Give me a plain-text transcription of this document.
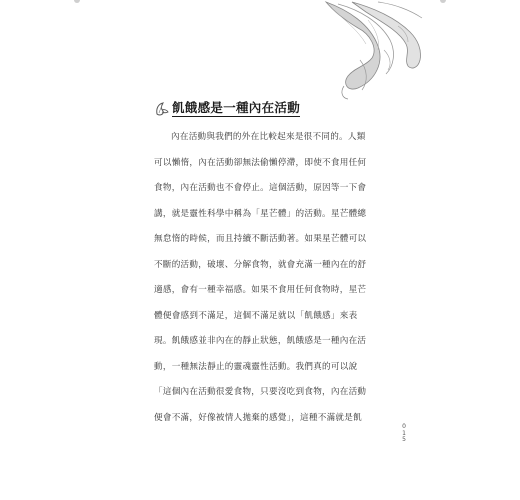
飢餓感是一種內在活動
內在活動與我們的外在比較起來是很不同的。人類
可以懶惰，內在活動卻無法偷懶停滯，即使不食用任何
食物，內在活動也不會停止。這個活動，原因等一下會
講，就是靈性科學中稱為「星芒體」的活動。星芒體總
無怠惰的時候，而且持續不斷活動著。如果星芒體可以
不斷的活動，破壞、分解食物，就會充滿一種內在的舒
適感，會有一種幸福感。如果不食用任何食物時，星芒
體便會感到不滿足，這個不滿足就以「飢餓感」來表
現。飢餓感並非內在的靜止狀態，飢餓感是一種內在活
動，一種無法靜止的靈魂靈性活動。我們真的可以說
「這個內在活動很愛食物，只要沒吃到食物，內在活動
便會不滿，好像被情人拋棄的感覺」，這種不滿就是飢
0
1
5
